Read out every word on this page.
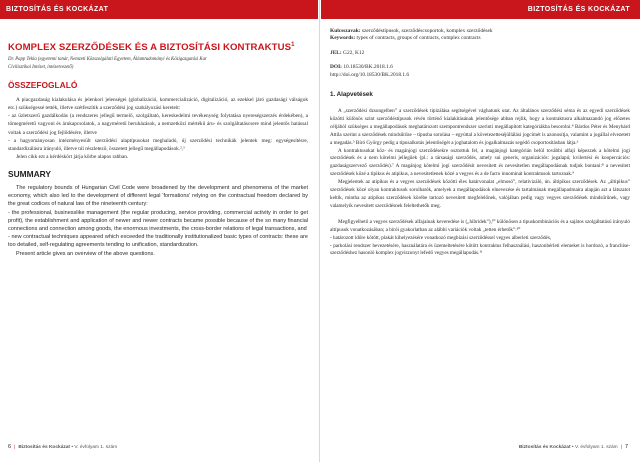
BIZTOSÍTÁS ÉS KOCKÁZAT	BIZTOSÍTÁS ÉS KOCKÁZAT
KOMPLEX SZERZŐDÉSEK ÉS A BIZTOSÍTÁSI KONTRAKTUS$^1$
Dr. Papp Tekla (egyetemi tanár, Nemzeti Közszolgálati Egyetem, Államtudományi és Közigazgatási Kar
Civilisztikai Intézet, intézetvezető)
ÖSSZEFOGLALÓ

A piacgazdaság kialakulása és jelenkori jelenségei (globalizáció, kommercializáció, digitalizáció, az ezekkel járó gazdasági válságok etc.) szükségessé tették, illetve szétfeszítik a szerződési jog szabályozási kereteit:

- az üzletszerű gazdálkodás (a rendszeres jellegű termelő, szolgáltató, kereskedelmi tevékenység folytatása nyereségszerzés érdekében), a tömegméretű vagyoni és árukapcsolatok, a nagyméretű beruházások, a nemzetközi mértékű áru- és szolgáltatáscsere mind jelentős hatással voltak a szerződési jog fejlődésére, illetve

- a hagyományosan intézményesült szerződési alaptípusokat meghaladó, új szerződési technikák jelentek meg: egységesítésre, standardizálásra irányuló, illetve túl részletező, összetett jellegű megállapodások.²,³

Jelen cikk ezt a kérdéskört járja körbe alapos rabban.

SUMMARY

The regulatory bounds of Hungarian Civil Code were broadened by the development and phenomena of the market economy, which also led to the development of different legal 'formations' relying on the contractual freedom declared by the great codices of natural law of the nineteenth century:

- the professional, businesslike management (the regular producing, service providing, commercial activity in order to get profit), the establishment and application of newer and newer contracts became possible because of the so many financial connections and connection among goods, the enormous investments, the cross-border relations of legal transactions, and

- new contractual techniques appeared which exceeded the traditionally institutionalized basic types of contracts: these are too detailed, self-regulating agreements tending to unification, standardization.

Present article gives an overview of the above questions.

Kulcsszavak: szerződéstípusok, szerződéscsoportok, komplex szerződések
Keywords: types of contracts, groups of contracts, complex contracts
JEL: G22, K12
DOI: 10.18530/BK.2018.1.6
http://doi.org/10.18530/BK.2018.1.6
1. Alapvetések

A „szerződési dzsungelben” a szerződések tipizálása segítségével vághatunk utat. Az általános szerződési séma és az egyedi szerződések közötti különös szint szerződéstípusok révén történő kialakításának jelentősége abban rejlik, hogy a kontraktusra alkalmazandó jog előzetes céljából szükséges a megállapodások meghatározott szempontrendszer szerinti megállapított kategóriákba besorolni.⁴ Bárdos Péter és Menyhárd Attila szerint a szerződések mindsűrűse – típusba sorolása – egyúttal a követezetteséjüllálási jogcímét is azonosítja, valamint a jogállal elvezetett a megadás.⁵ Bíró György pedig a típusalkotás jelentőségét a joghatalom és jogalkalmazás segédő csoportosításban látja.⁶

A kontraktusokat köz- és magánjogi szerződésekre osztottuk fel, a magánjogi kategórián belül további alfaji képezzek a kötelmi jogi szerződések és a nem kötelmi jellegűek (pl.: a társasági szerződés, amely sui generis, organizációs: jogalapú; kvilertési és koopercációs: gazdaságszervező szerződés).⁷ A magánjog kötelmi jogi szerződésit nevesített és nevesítetlen megállapodásnak tudjuk bontani:⁸ a nevesített szerződések közé a tipikus és atipikus, a nevesítetlenek közé a vegyes és a de facto innominát kontraktusok tartoznak.⁹

Megjelentek az atipikus és a vegyes szerződések közötti éles határvonalat „elmosó”, relativizáló, ún. áltipikus szerződések. Az „áltipikus” szerződések közé olyan kontraktusok sorolhatók, amelyek a megállapodások elnevezése és tartalmának megállapadmaira alapján azt a látszatot keltik, mintha az atipikus szerződések körébe tartozó nevesített megfelelőnek, valójában pedig vagy vegyes szerződések mindsűrűnek, vagy valamelyik nevesített szerződésnek feleltethetők meg.

Megfigyelhető a vegyes szerződések alfajainak keveredése is („hibridek”),¹⁰ különösen a tipuskombinációs és a sajátos szolgáltatású irányuló altípusok vonatkozásában; a bírói gyakorlatban az alábbi variációk voltak „tetten érhetők”:¹⁰

- határozott időre kötött, plakát kihelyezésére vonatkozó megbízási szerződéssel vegyes alberleti szerződés,

- parkolási rendszer bevezetésére, használatára és üzemeltetésére kötött kontraktus felhasználási, haszonbérleti elemeket is hordozó, a franchise-szerződéshez hasonló komplex jogviszonyt lefedő vegyes megállapodás.¹¹

6 | Biztosítás és Kockázat • V. évfolyam 1. szám	Biztosítás és Kockázat • V. évfolyam 1. szám | 7
